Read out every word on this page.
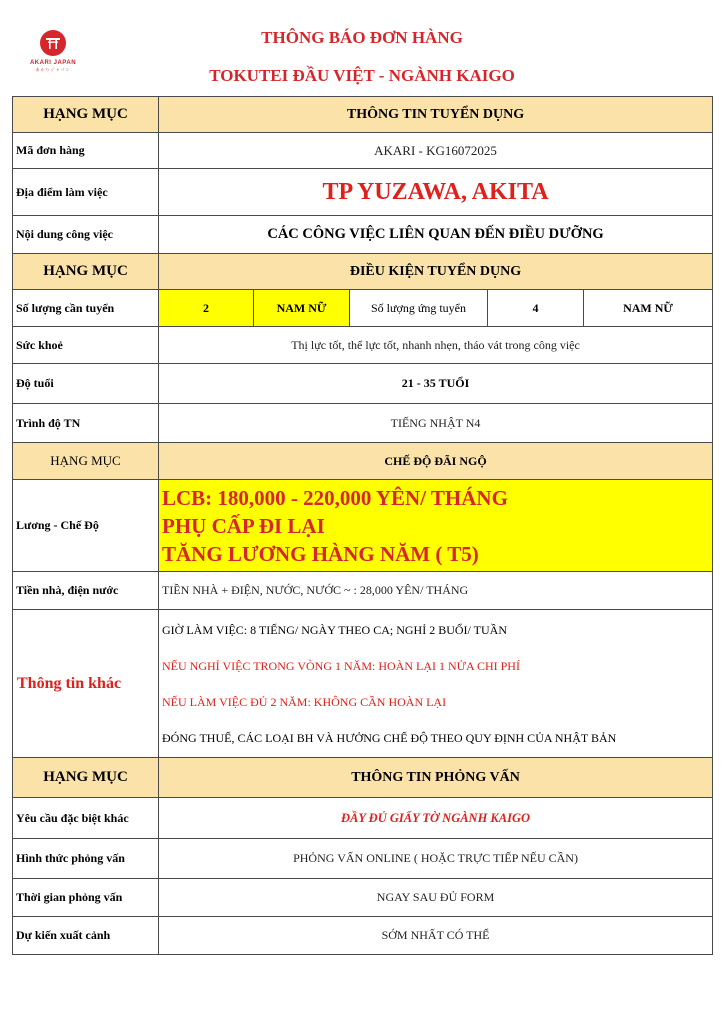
AKARI JAPAN
あかりジャパン
THÔNG BÁO ĐƠN HÀNG
TOKUTEI ĐẦU VIỆT - NGÀNH KAIGO
HẠNG MỤC	THÔNG TIN TUYỂN DỤNG				
Mã đơn hàng	AKARI - KG16072025				
Địa điểm làm việc	TP YUZAWA, AKITA				
Nội dung công việc	CÁC CÔNG VIỆC LIÊN QUAN ĐẾN ĐIỀU DƯỠNG				
HẠNG MỤC	ĐIỀU KIỆN TUYỂN DỤNG				
Số lượng cần tuyển	2	NAM NỮ	Số lượng ứng tuyển	4	NAM NỮ
Sức khoẻ	Thị lực tốt, thể lực tốt, nhanh nhẹn, tháo vát trong công việc				
Độ tuổi	21 - 35 TUỔI				
Trình độ TN	TIẾNG NHẬT N4				
HẠNG MỤC	CHẾ ĐỘ ĐÃI NGỘ				
Lương - Chế Độ	LCB: 180,000 - 220,000 YÊN/ THÁNG
PHỤ CẤP ĐI LẠI
TĂNG LƯƠNG HÀNG NĂM ( T5)				

Tiền nhà, điện nước	TIỀN NHÀ + ĐIỆN, NƯỚC, NƯỚC ~ : 28,000 YÊN/ THÁNG				
Thông tin khác	GIỜ LÀM VIỆC: 8 TIẾNG/ NGÀY THEO CA; NGHỈ 2 BUỔI/ TUẦN
NẾU NGHỈ VIỆC TRONG VÒNG 1 NĂM: HOÀN LẠI 1 NỬA CHI PHÍ
NẾU LÀM VIỆC ĐỦ 2 NĂM: KHÔNG CẦN HOÀN LẠI
ĐÓNG THUẾ, CÁC LOẠI BH VÀ HƯỞNG CHẾ ĐỘ THEO QUY ĐỊNH CỦA NHẬT BẢN				

HẠNG MỤC	THÔNG TIN PHỎNG VẤN				
Yêu cầu đặc biệt khác	ĐẦY ĐỦ GIẤY TỜ NGÀNH KAIGO				
Hình thức phỏng vấn	PHỎNG VẤN ONLINE ( HOẶC TRỰC TIẾP NẾU CẦN)				
Thời gian phỏng vấn	NGAY SAU ĐỦ FORM				
Dự kiến xuất cảnh	SỚM NHẤT CÓ THỂ				
